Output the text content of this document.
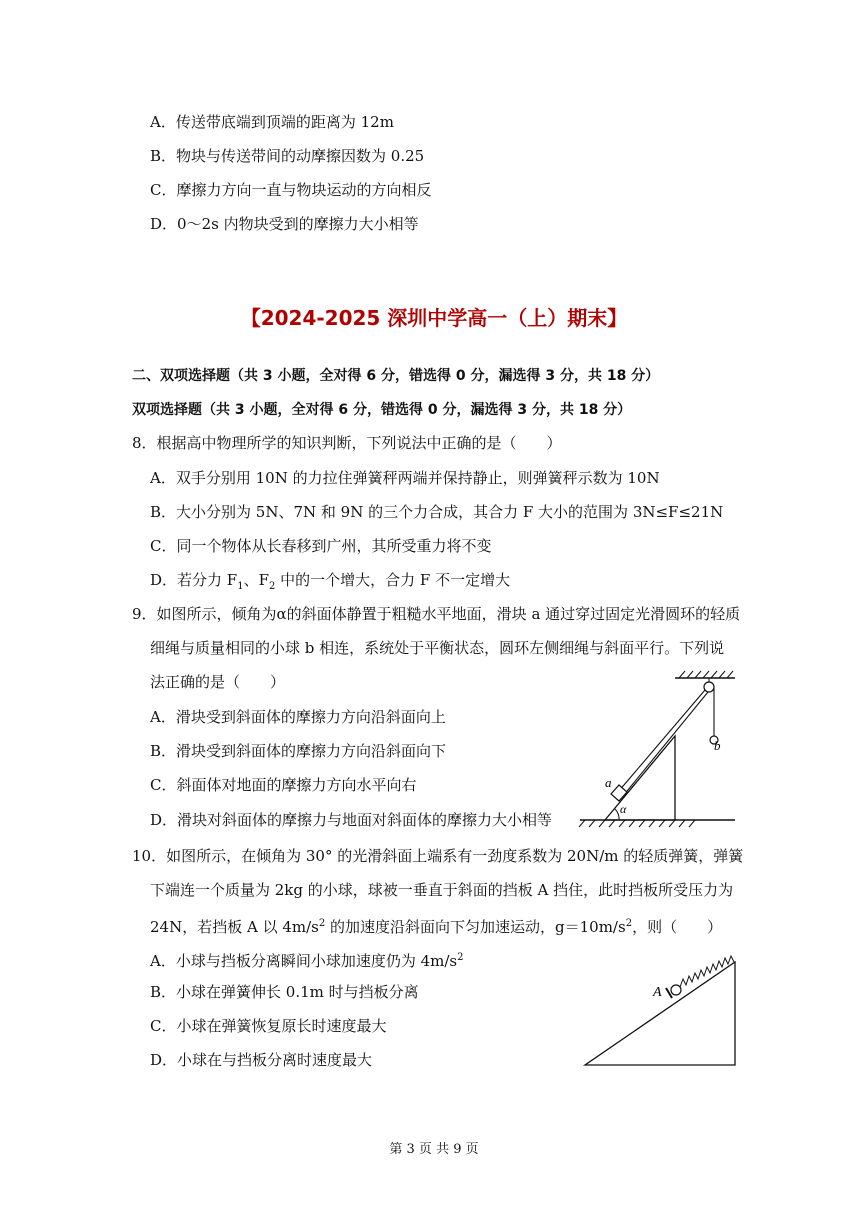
A．传送带底端到顶端的距离为 12m
B．物块与传送带间的动摩擦因数为 0.25
C．摩擦力方向一直与物块运动的方向相反
D．0～2s 内物块受到的摩擦力大小相等
【2024-2025 深圳中学高一（上）期末】
二、双项选择题（共 3 小题，全对得 6 分，错选得 0 分，漏选得 3 分，共 18 分）
双项选择题（共 3 小题，全对得 6 分，错选得 0 分，漏选得 3 分，共 18 分）
8．根据高中物理所学的知识判断，下列说法中正确的是（　　）
A．双手分别用 10N 的力拉住弹簧秤两端并保持静止，则弹簧秤示数为 10N
B．大小分别为 5N、7N 和 9N 的三个力合成，其合力 F 大小的范围为 3N≤F≤21N
C．同一个物体从长春移到广州，其所受重力将不变
D．若分力 $F_1$、$F_2$ 中的一个增大，合力 F 不一定增大
9．如图所示，倾角为α的斜面体静置于粗糙水平地面，滑块 a 通过穿过固定光滑圆环的轻质
细绳与质量相同的小球 b 相连，系统处于平衡状态，圆环左侧细绳与斜面平行。下列说
法正确的是（　　）
A．滑块受到斜面体的摩擦力方向沿斜面向上
B．滑块受到斜面体的摩擦力方向沿斜面向下
C．斜面体对地面的摩擦力方向水平向右
D．滑块对斜面体的摩擦力与地面对斜面体的摩擦力大小相等
a
b
α
10．如图所示，在倾角为 30° 的光滑斜面上端系有一劲度系数为 20N/m 的轻质弹簧，弹簧
下端连一个质量为 2kg 的小球，球被一垂直于斜面的挡板 A 挡住，此时挡板所受压力为
24N，若挡板 A 以 $4m/s^2$ 的加速度沿斜面向下匀加速运动，$g=10m/s^2$，则（　　）
A．小球与挡板分离瞬间小球加速度仍为 $4m/s^2$
B．小球在弹簧伸长 0.1m 时与挡板分离
C．小球在弹簧恢复原长时速度最大
D．小球在与挡板分离时速度最大
A
第 3 页 共 9 页
